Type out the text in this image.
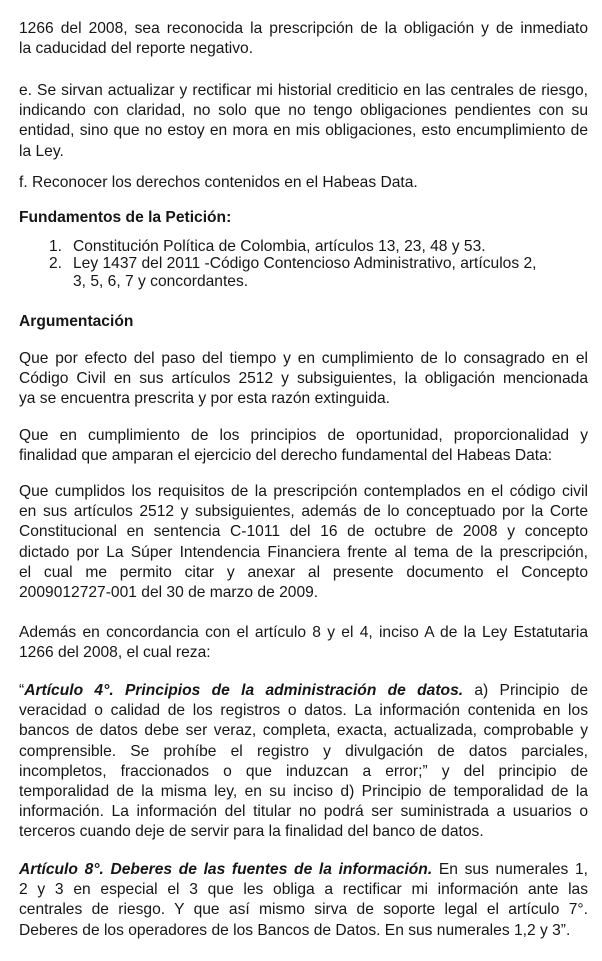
1266 del 2008, sea reconocida la prescripción de la obligación y de inmediato
la caducidad del reporte negativo.

e. Se sirvan actualizar y rectificar mi historial crediticio en las centrales de riesgo,
indicando con claridad, no solo que no tengo obligaciones pendientes con su
entidad, sino que no estoy en mora en mis obligaciones, esto encumplimiento de
la Ley.

f. Reconocer los derechos contenidos en el Habeas Data.

Fundamentos de la Petición:

1. Constitución Política de Colombia, artículos 13, 23, 48 y 53.
2. Ley 1437 del 2011 -Código Contencioso Administrativo, artículos 2,
3, 5, 6, 7 y concordantes.

Argumentación

Que por efecto del paso del tiempo y en cumplimiento de lo consagrado en el
Código Civil en sus artículos 2512 y subsiguientes, la obligación mencionada
ya se encuentra prescrita y por esta razón extinguida.

Que en cumplimiento de los principios de oportunidad, proporcionalidad y
finalidad que amparan el ejercicio del derecho fundamental del Habeas Data:

Que cumplidos los requisitos de la prescripción contemplados en el código civil
en sus artículos 2512 y subsiguientes, además de lo conceptuado por la Corte
Constitucional en sentencia C-1011 del 16 de octubre de 2008 y concepto
dictado por La Súper Intendencia Financiera frente al tema de la prescripción,
el cual me permito citar y anexar al presente documento el Concepto
2009012727-001 del 30 de marzo de 2009.

Además en concordancia con el artículo 8 y el 4, inciso A de la Ley Estatutaria
1266 del 2008, el cual reza:

“Artículo 4°. Principios de la administración de datos. a) Principio de
veracidad o calidad de los registros o datos. La información contenida en los
bancos de datos debe ser veraz, completa, exacta, actualizada, comprobable y
comprensible. Se prohíbe el registro y divulgación de datos parciales,
incompletos, fraccionados o que induzcan a error;” y del principio de
temporalidad de la misma ley, en su inciso d) Principio de temporalidad de la
información. La información del titular no podrá ser suministrada a usuarios o
terceros cuando deje de servir para la finalidad del banco de datos.

Artículo 8°. Deberes de las fuentes de la información. En sus numerales 1,
2 y 3 en especial el 3 que les obliga a rectificar mi información ante las
centrales de riesgo. Y que así mismo sirva de soporte legal el artículo 7°.
Deberes de los operadores de los Bancos de Datos. En sus numerales 1,2 y 3”.
